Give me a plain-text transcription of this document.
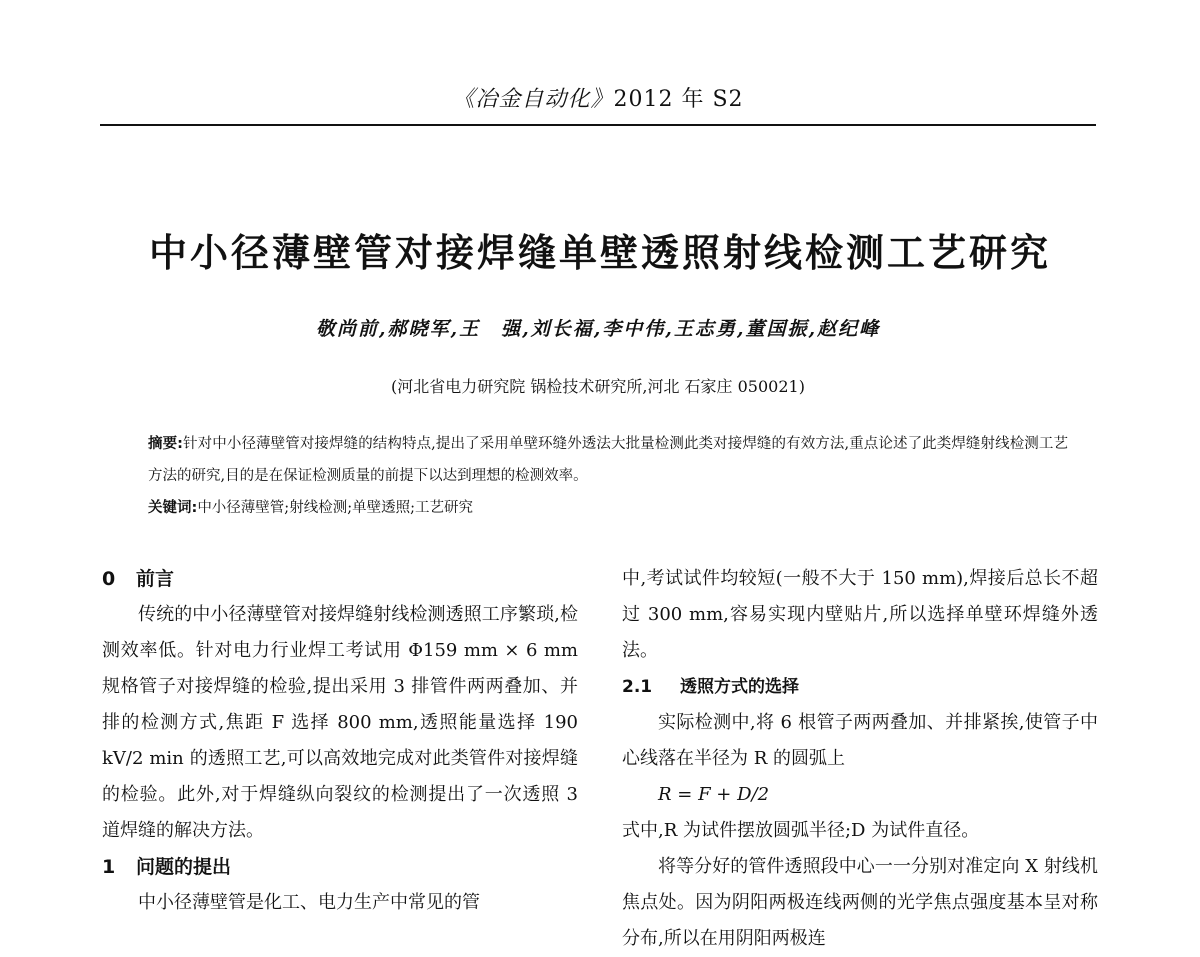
《冶金自动化》2012 年 S2
中小径薄壁管对接焊缝单壁透照射线检测工艺研究
敬尚前,郝晓军,王　强,刘长福,李中伟,王志勇,董国振,赵纪峰
(河北省电力研究院 锅检技术研究所,河北 石家庄 050021)
摘要:针对中小径薄壁管对接焊缝的结构特点,提出了采用单壁环缝外透法大批量检测此类对接焊缝的有效方法,重点论述了此类焊缝射线检测工艺方法的研究,目的是在保证检测质量的前提下以达到理想的检测效率。
关键词:中小径薄壁管;射线检测;单壁透照;工艺研究
0 前言

传统的中小径薄壁管对接焊缝射线检测透照工序繁琐,检测效率低。针对电力行业焊工考试用 Φ159 mm × 6 mm 规格管子对接焊缝的检验,提出采用 3 排管件两两叠加、并排的检测方式,焦距 F 选择 800 mm,透照能量选择 190 kV/2 min 的透照工艺,可以高效地完成对此类管件对接焊缝的检验。此外,对于焊缝纵向裂纹的检测提出了一次透照 3 道焊缝的解决方法。

1 问题的提出

中小径薄壁管是化工、电力生产中常见的管

中,考试试件均较短(一般不大于 150 mm),焊接后总长不超过 300 mm,容易实现内壁贴片,所以选择单壁环焊缝外透法。

2.1 透照方式的选择

实际检测中,将 6 根管子两两叠加、并排紧挨,使管子中心线落在半径为 R 的圆弧上

R = F + D/2

式中,R 为试件摆放圆弧半径;D 为试件直径。

将等分好的管件透照段中心一一分别对准定向 X 射线机焦点处。因为阴阳两极连线两侧的光学焦点强度基本呈对称分布,所以在用阴阳两极连
